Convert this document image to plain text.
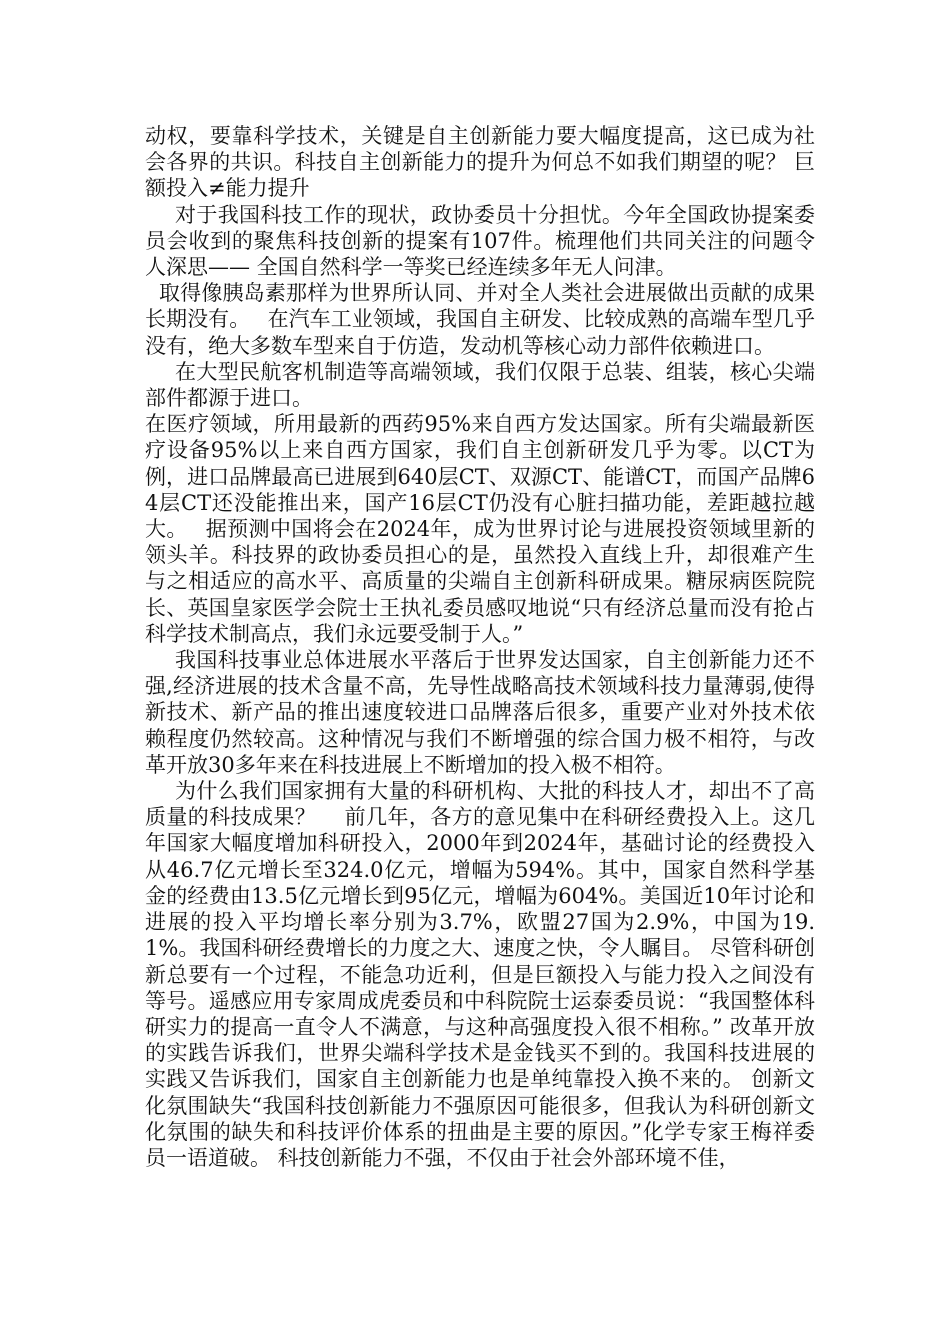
动权，要靠科学技术，关键是自主创新能力要大幅度提高，这已成为社会各界的共识。科技自主创新能力的提升为何总不如我们期望的呢？ 巨额投入≠能力提升

对于我国科技工作的现状，政协委员十分担忧。今年全国政协提案委员会收到的聚焦科技创新的提案有107件。梳理他们共同关注的问题令人深思—— 全国自然科学一等奖已经连续多年无人问津。

取得像胰岛素那样为世界所认同、并对全人类社会进展做出贡献的成果长期没有。　 在汽车工业领域，我国自主研发、比较成熟的高端车型几乎没有，绝大多数车型来自于仿造，发动机等核心动力部件依赖进口。

在大型民航客机制造等高端领域，我们仅限于总装、组装，核心尖端部件都源于进口。

在医疗领域，所用最新的西药95%来自西方发达国家。所有尖端最新医疗设备95%以上来自西方国家，我们自主创新研发几乎为零。以CT为例，进口品牌最高已进展到640层CT、双源CT、能谱CT，而国产品牌64层CT还没能推出来，国产16层CT仍没有心脏扫描功能，差距越拉越大。　 据预测中国将会在2024年，成为世界讨论与进展投资领域里新的领头羊。科技界的政协委员担心的是，虽然投入直线上升，却很难产生与之相适应的高水平、高质量的尖端自主创新科研成果。糖尿病医院院长、英国皇家医学会院士王执礼委员感叹地说“只有经济总量而没有抢占科学技术制高点，我们永远要受制于人。”

我国科技事业总体进展水平落后于世界发达国家，自主创新能力还不强,经济进展的技术含量不高，先导性战略高技术领域科技力量薄弱,使得新技术、新产品的推出速度较进口品牌落后很多，重要产业对外技术依赖程度仍然较高。这种情况与我们不断增强的综合国力极不相符，与改革开放30多年来在科技进展上不断增加的投入极不相符。

为什么我们国家拥有大量的科研机构、大批的科技人才，却出不了高质量的科技成果？　 前几年，各方的意见集中在科研经费投入上。这几年国家大幅度增加科研投入，2000年到2024年，基础讨论的经费投入从46.7亿元增长至324.0亿元，增幅为594%。其中，国家自然科学基金的经费由13.5亿元增长到95亿元，增幅为604%。美国近10年讨论和进展的投入平均增长率分别为3.7%，欧盟27国为2.9%，中国为19.1%。我国科研经费增长的力度之大、速度之快，令人瞩目。 尽管科研创新总要有一个过程，不能急功近利，但是巨额投入与能力投入之间没有等号。遥感应用专家周成虎委员和中科院院士运泰委员说：“我国整体科研实力的提高一直令人不满意，与这种高强度投入很不相称。” 改革开放的实践告诉我们，世界尖端科学技术是金钱买不到的。我国科技进展的实践又告诉我们，国家自主创新能力也是单纯靠投入换不来的。 创新文化氛围缺失“我国科技创新能力不强原因可能很多，但我认为科研创新文化氛围的缺失和科技评价体系的扭曲是主要的原因。”化学专家王梅祥委员一语道破。 科技创新能力不强，不仅由于社会外部环境不佳，
